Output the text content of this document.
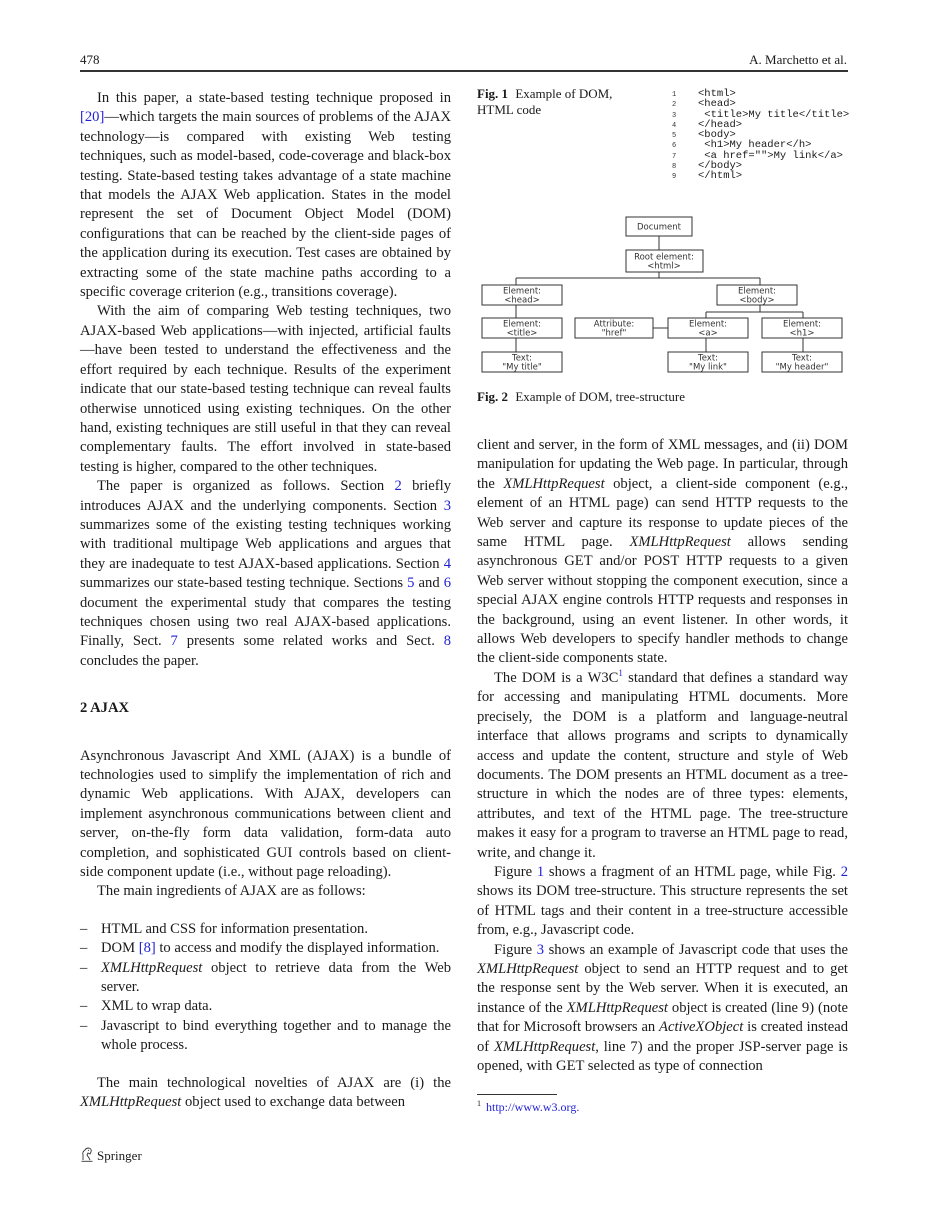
478	A. Marchetto et al.

In this paper, a state-based testing technique proposed in [20]—which targets the main sources of problems of the AJAX technology—is compared with existing Web testing techniques, such as model-based, code-coverage and black-box testing. State-based testing takes advantage of a state machine that models the AJAX Web application. States in the model represent the set of Document Object Model (DOM) configurations that can be reached by the client-side pages of the application during its execution. Test cases are obtained by extracting some of the state machine paths according to a specific coverage criterion (e.g., transitions coverage).

With the aim of comparing Web testing techniques, two AJAX-based Web applications—with injected, artificial faults—have been tested to understand the effectiveness and the effort required by each technique. Results of the experiment indicate that our state-based testing technique can reveal faults otherwise unnoticed using existing techniques. On the other hand, existing techniques are still useful in that they can reveal complementary faults. The effort involved in state-based testing is higher, compared to the other techniques.

The paper is organized as follows. Section 2 briefly introduces AJAX and the underlying components. Section 3 summarizes some of the existing testing techniques working with traditional multipage Web applications and argues that they are inadequate to test AJAX-based applications. Section 4 summarizes our state-based testing technique. Sections 5 and 6 document the experimental study that compares the testing techniques chosen using two real AJAX-based applications. Finally, Sect. 7 presents some related works and Sect. 8 concludes the paper.

2 AJAX

Asynchronous Javascript And XML (AJAX) is a bundle of technologies used to simplify the implementation of rich and dynamic Web applications. With AJAX, developers can implement asynchronous communications between client and server, on-the-fly form data validation, form-data auto completion, and sophisticated GUI controls based on client-side component update (i.e., without page reloading).

The main ingredients of AJAX are as follows:

– HTML and CSS for information presentation.
– DOM [8] to access and modify the displayed information.
– XMLHttpRequest object to retrieve data from the Web server.
– XML to wrap data.
– Javascript to bind everything together and to manage the whole process.

The main technological novelties of AJAX are (i) the XMLHttpRequest object used to exchange data between

Fig. 1 Example of DOM, HTML code
1 <html>
2 <head>
3 <title>My title</title>
4 </head>
5 <body>
6 <h1>My header</h>
7 <a href="">My link</a>
8 </body>
9 </html>
Document
Root element:
<html>
Element:
<head>
Element:
<body>
Element:
<title>
Attribute:
"href"
Element:
<a>
Element:
<h1>
Text:
"My title"
Text:
"My link"
Text:
"My header"
Fig. 2 Example of DOM, tree-structure

client and server, in the form of XML messages, and (ii) DOM manipulation for updating the Web page. In particular, through the XMLHttpRequest object, a client-side component (e.g., element of an HTML page) can send HTTP requests to the Web server and capture its response to update pieces of the same HTML page. XMLHttpRequest allows sending asynchronous GET and/or POST HTTP requests to a given Web server without stopping the component execution, since a special AJAX engine controls HTTP requests and responses in the background, using an event listener. In other words, it allows Web developers to specify handler methods to change the client-side components state.

The DOM is a $W3C^1$ standard that defines a standard way for accessing and manipulating HTML documents. More precisely, the DOM is a platform and language-neutral interface that allows programs and scripts to dynamically access and update the content, structure and style of Web documents. The DOM presents an HTML document as a tree-structure in which the nodes are of three types: elements, attributes, and text of the HTML page. The tree-structure makes it easy for a program to traverse an HTML page to read, write, and change it.

Figure 1 shows a fragment of an HTML page, while Fig. 2 shows its DOM tree-structure. This structure represents the set of HTML tags and their content in a tree-structure accessible from, e.g., Javascript code.

Figure 3 shows an example of Javascript code that uses the XMLHttpRequest object to send an HTTP request and to get the response sent by the Web server. When it is executed, an instance of the XMLHttpRequest object is created (line 9) (note that for Microsoft browsers an ActiveXObject is created instead of XMLHttpRequest, line 7) and the proper JSP-server page is opened, with GET selected as type of connection

$^1$ http://www.w3.org.
Springer
